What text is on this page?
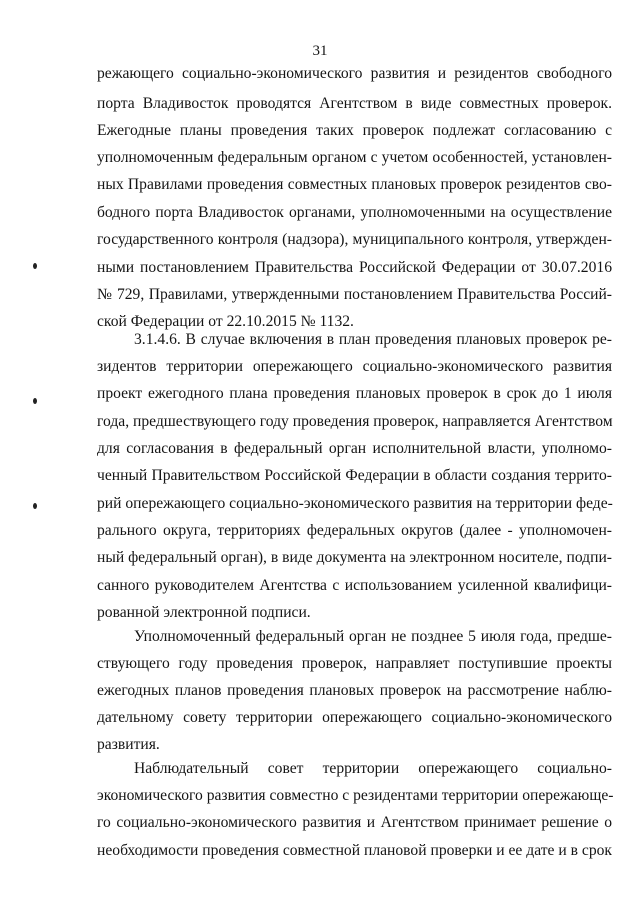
31
режающего социально-экономического развития и резидентов свободного
порта Владивосток проводятся Агентством в виде совместных проверок.
Ежегодные планы проведения таких проверок подлежат согласованию с
уполномоченным федеральным органом с учетом особенностей, установлен-
ных Правилами проведения совместных плановых проверок резидентов сво-
бодного порта Владивосток органами, уполномоченными на осуществление
государственного контроля (надзора), муниципального контроля, утвержден-
ными постановлением Правительства Российской Федерации от 30.07.2016
№ 729, Правилами, утвержденными постановлением Правительства Россий-
ской Федерации от 22.10.2015 № 1132.
3.1.4.6. В случае включения в план проведения плановых проверок ре-
зидентов территории опережающего социально-экономического развития
проект ежегодного плана проведения плановых проверок в срок до 1 июля
года, предшествующего году проведения проверок, направляется Агентством
для согласования в федеральный орган исполнительной власти, уполномо-
ченный Правительством Российской Федерации в области создания террито-
рий опережающего социально-экономического развития на территории феде-
рального округа, территориях федеральных округов (далее - уполномочен-
ный федеральный орган), в виде документа на электронном носителе, подпи-
санного руководителем Агентства с использованием усиленной квалифици-
рованной электронной подписи.
Уполномоченный федеральный орган не позднее 5 июля года, предше-
ствующего году проведения проверок, направляет поступившие проекты
ежегодных планов проведения плановых проверок на рассмотрение наблю-
дательному совету территории опережающего социально-экономического
развития.
Наблюдательный совет территории опережающего социально-
экономического развития совместно с резидентами территории опережающе-
го социально-экономического развития и Агентством принимает решение о
необходимости проведения совместной плановой проверки и ее дате и в срок
